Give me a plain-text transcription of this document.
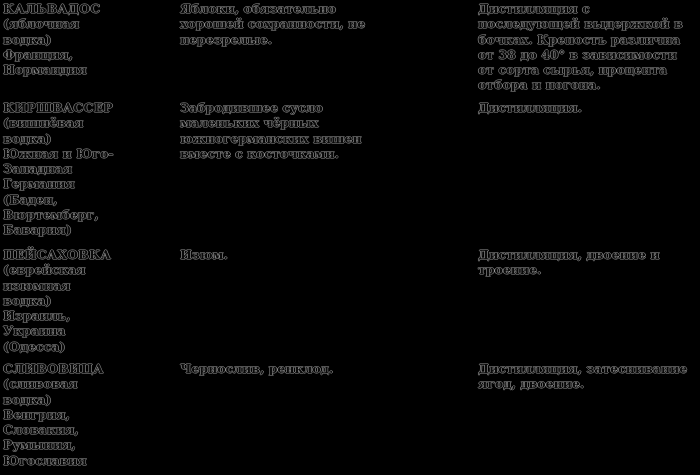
КАЛЬВАДОС
(яблочная
водка)
Франция,
Нормандия
Яблоки, обязательно
хорошей сохранности, не
перезрелые.
Дистилляция с
последующей выдержкой в
бочках. Крепость различна
от 38 до 40° в зависимости
от сорта сырья, процента
отбора и погона.
КИРШВАССЕР
(вишнёвая
водка)
Южная и Юго-
Западная
Германия
(Баден,
Вюртемберг,
Бавария)
Забродившее сусло
маленьких чёрных
южногерманских вишен
вместе с косточками.
Дистилляция.
ПЕЙСАХОВКА
(еврейская
изюмная
водка)
Израиль,
Украина
(Одесса)
Изюм.	Дистилляция, двоение и
троение.
СЛИВОВИЦА
(сливовая
водка)
Венгрия,
Словакия,
Румыния,
Югославия
Чернослив, ренклод.	Дистилляция, затеснивание
ягод, двоение.
